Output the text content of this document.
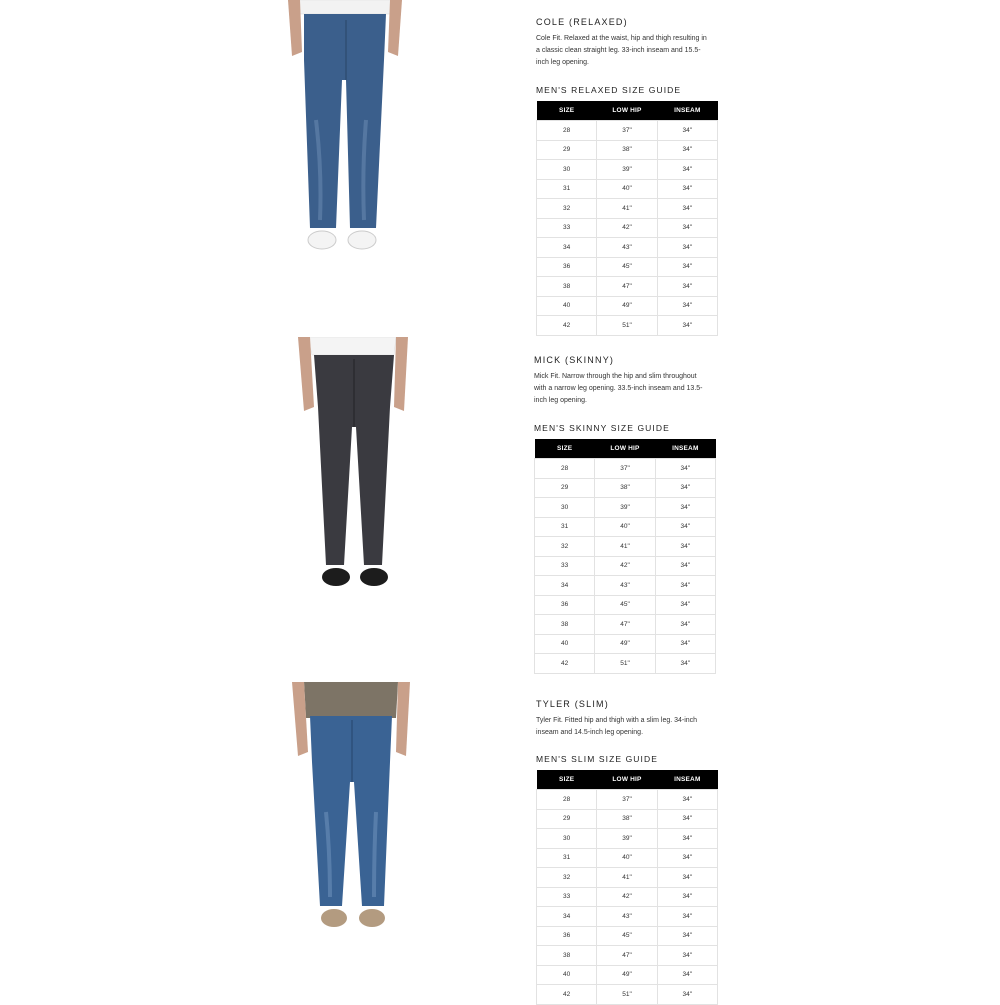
COLE (RELAXED)

Cole Fit. Relaxed at the waist, hip and thigh resulting in a classic clean straight leg. 33-inch inseam and 15.5-inch leg opening.

MEN'S RELAXED SIZE GUIDE
SIZE	LOW HIP	INSEAM
28	37"	34"
29	38"	34"
30	39"	34"
31	40"	34"
32	41"	34"
33	42"	34"
34	43"	34"
36	45"	34"
38	47"	34"
40	49"	34"
42	51"	34"
MICK (SKINNY)

Mick Fit. Narrow through the hip and slim throughout with a narrow leg opening. 33.5-inch inseam and 13.5-inch leg opening.

MEN'S SKINNY SIZE GUIDE
SIZE	LOW HIP	INSEAM
28	37"	34"
29	38"	34"
30	39"	34"
31	40"	34"
32	41"	34"
33	42"	34"
34	43"	34"
36	45"	34"
38	47"	34"
40	49"	34"
42	51"	34"
TYLER (SLIM)

Tyler Fit. Fitted hip and thigh with a slim leg. 34-inch inseam and 14.5-inch leg opening.

MEN'S SLIM SIZE GUIDE
SIZE	LOW HIP	INSEAM
28	37"	34"
29	38"	34"
30	39"	34"
31	40"	34"
32	41"	34"
33	42"	34"
34	43"	34"
36	45"	34"
38	47"	34"
40	49"	34"
42	51"	34"
